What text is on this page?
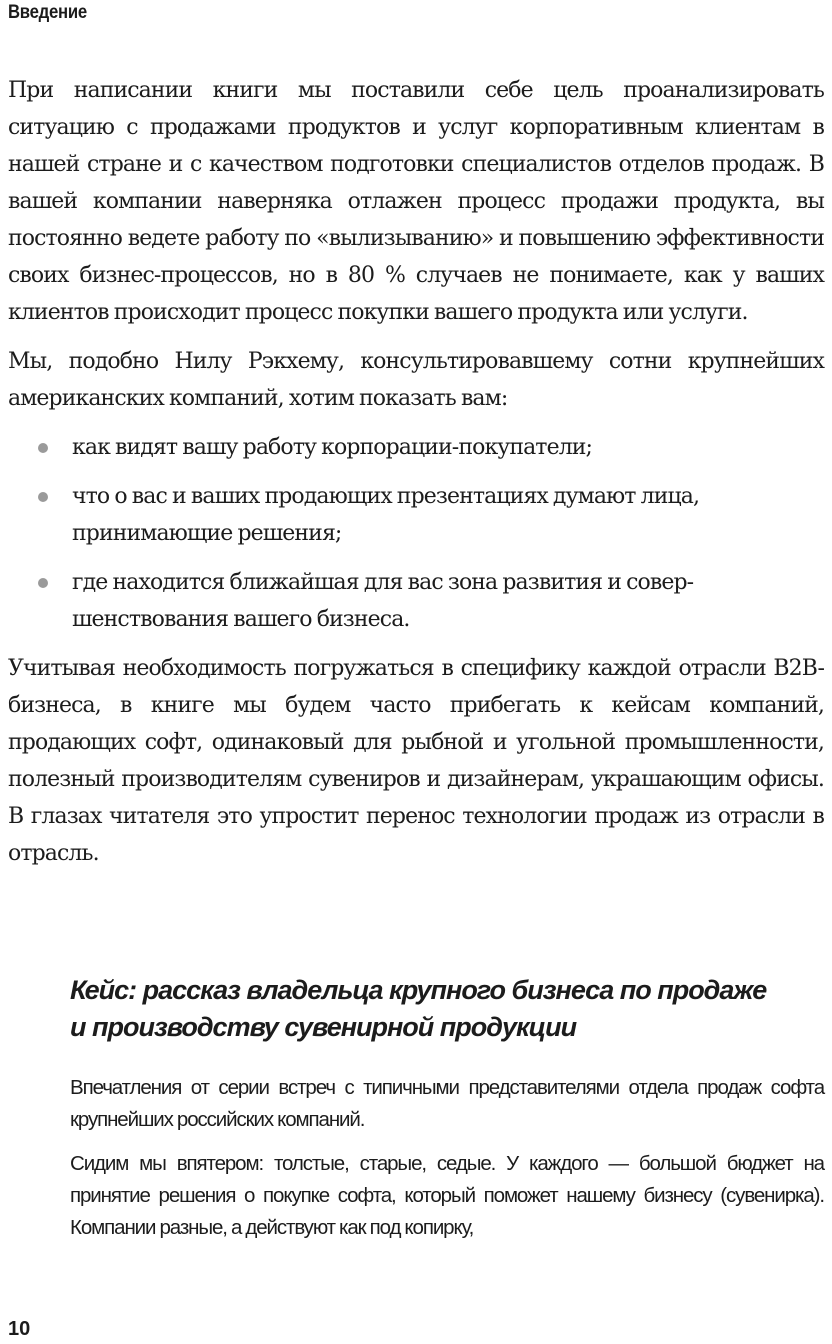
Введение

При написании книги мы поставили себе цель проанализировать ситуацию с продажами продуктов и услуг корпоративным клиентам в нашей стране и с качеством подготовки специалистов отделов продаж. В вашей компании наверняка отлажен процесс продажи продукта, вы постоянно ведете работу по «вылизыванию» и повышению эффективности своих бизнес-процессов, но в 80 % случаев не понимаете, как у ваших клиентов происходит процесс покупки вашего продукта или услуги.

Мы, подобно Нилу Рэкхему, консультировавшему сотни крупнейших американских компаний, хотим показать вам:

как видят вашу работу корпорации-покупатели;
что о вас и ваших продающих презентациях думают лица, принимающие решения;
где находится ближайшая для вас зона развития и совершенствования вашего бизнеса.

Учитывая необходимость погружаться в специфику каждой отрасли B2B-бизнеса, в книге мы будем часто прибегать к кейсам компаний, продающих софт, одинаковый для рыбной и угольной промышленности, полезный производителям сувениров и дизайнерам, украшающим офисы. В глазах читателя это упростит перенос технологии продаж из отрасли в отрасль.

Кейс: рассказ владельца крупного бизнеса по продаже
и производству сувенирной продукции

Впечатления от серии встреч с типичными представителями отдела продаж софта крупнейших российских компаний.

Сидим мы впятером: толстые, старые, седые. У каждого — большой бюджет на принятие решения о покупке софта, который поможет нашему бизнесу (сувенирка). Компании разные, а действуют как под копирку,

10
